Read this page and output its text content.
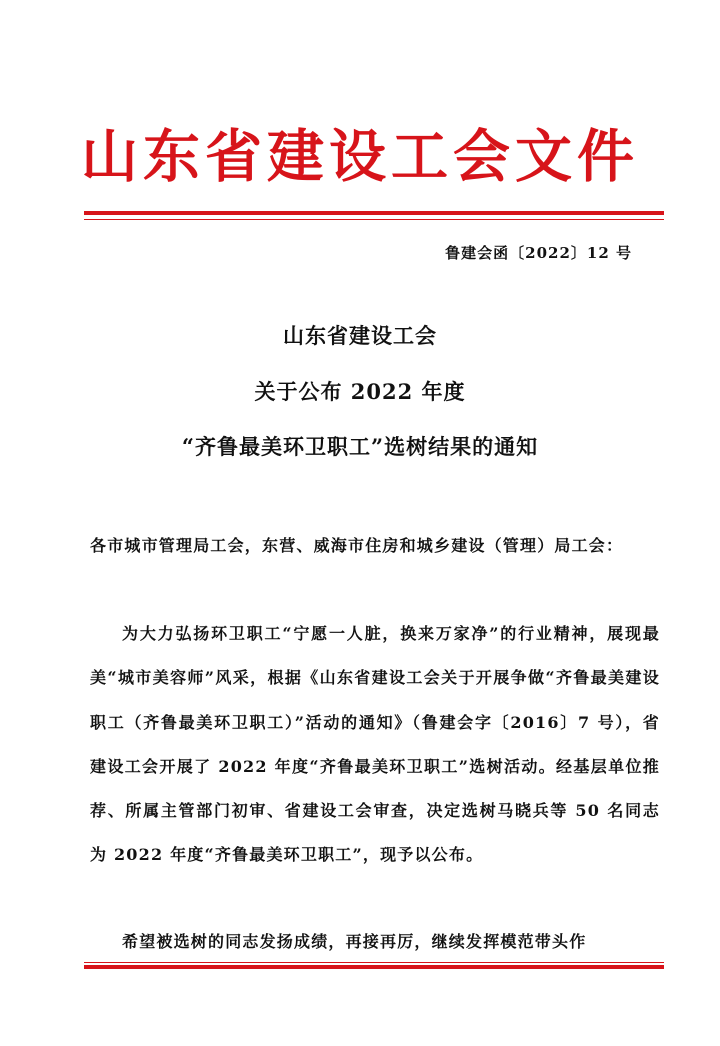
山东省建设工会文件
鲁建会函〔2022〕12 号
山东省建设工会
关于公布 2022 年度
“齐鲁最美环卫职工”选树结果的通知
各市城市管理局工会，东营、威海市住房和城乡建设（管理）局工会：
为大力弘扬环卫职工“宁愿一人脏，换来万家净”的行业精神，展现最美“城市美容师”风采，根据《山东省建设工会关于开展争做“齐鲁最美建设职工（齐鲁最美环卫职工）”活动的通知》（鲁建会字〔2016〕7 号），省建设工会开展了 2022 年度“齐鲁最美环卫职工”选树活动。经基层单位推荐、所属主管部门初审、省建设工会审查，决定选树马晓兵等 50 名同志为 2022 年度“齐鲁最美环卫职工”，现予以公布。
希望被选树的同志发扬成绩，再接再厉，继续发挥模范带头作
